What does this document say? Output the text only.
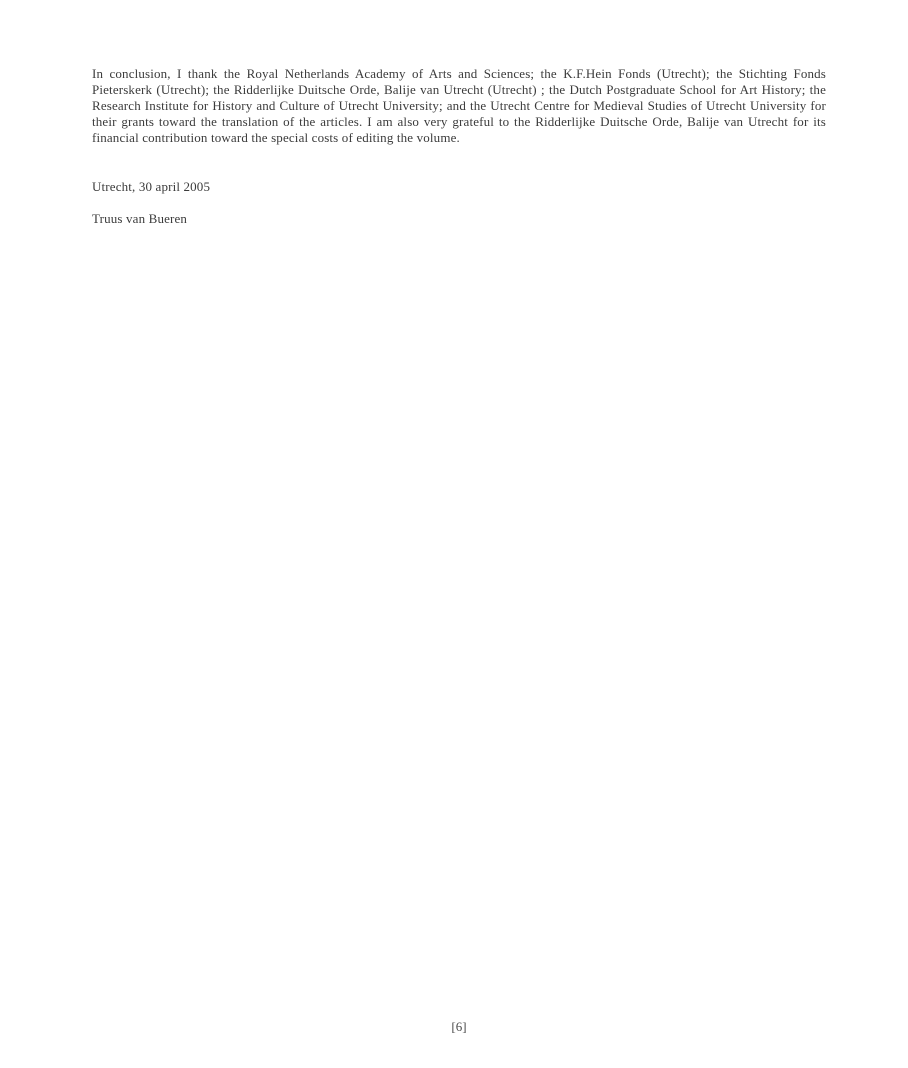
In conclusion, I thank the Royal Netherlands Academy of Arts and Sciences; the K.F.Hein Fonds (Utrecht); the Stichting Fonds Pieterskerk (Utrecht); the Ridderlijke Duitsche Orde, Balije van Utrecht (Utrecht) ; the Dutch Postgraduate School for Art History; the Research Institute for History and Culture of Utrecht University; and the Utrecht Centre for Medieval Studies of Utrecht University for their grants toward the translation of the articles. I am also very grateful to the Ridderlijke Duitsche Orde, Balije van Utrecht for its financial contribution toward the special costs of editing the volume.
Utrecht, 30 april 2005
Truus van Bueren
[6]
